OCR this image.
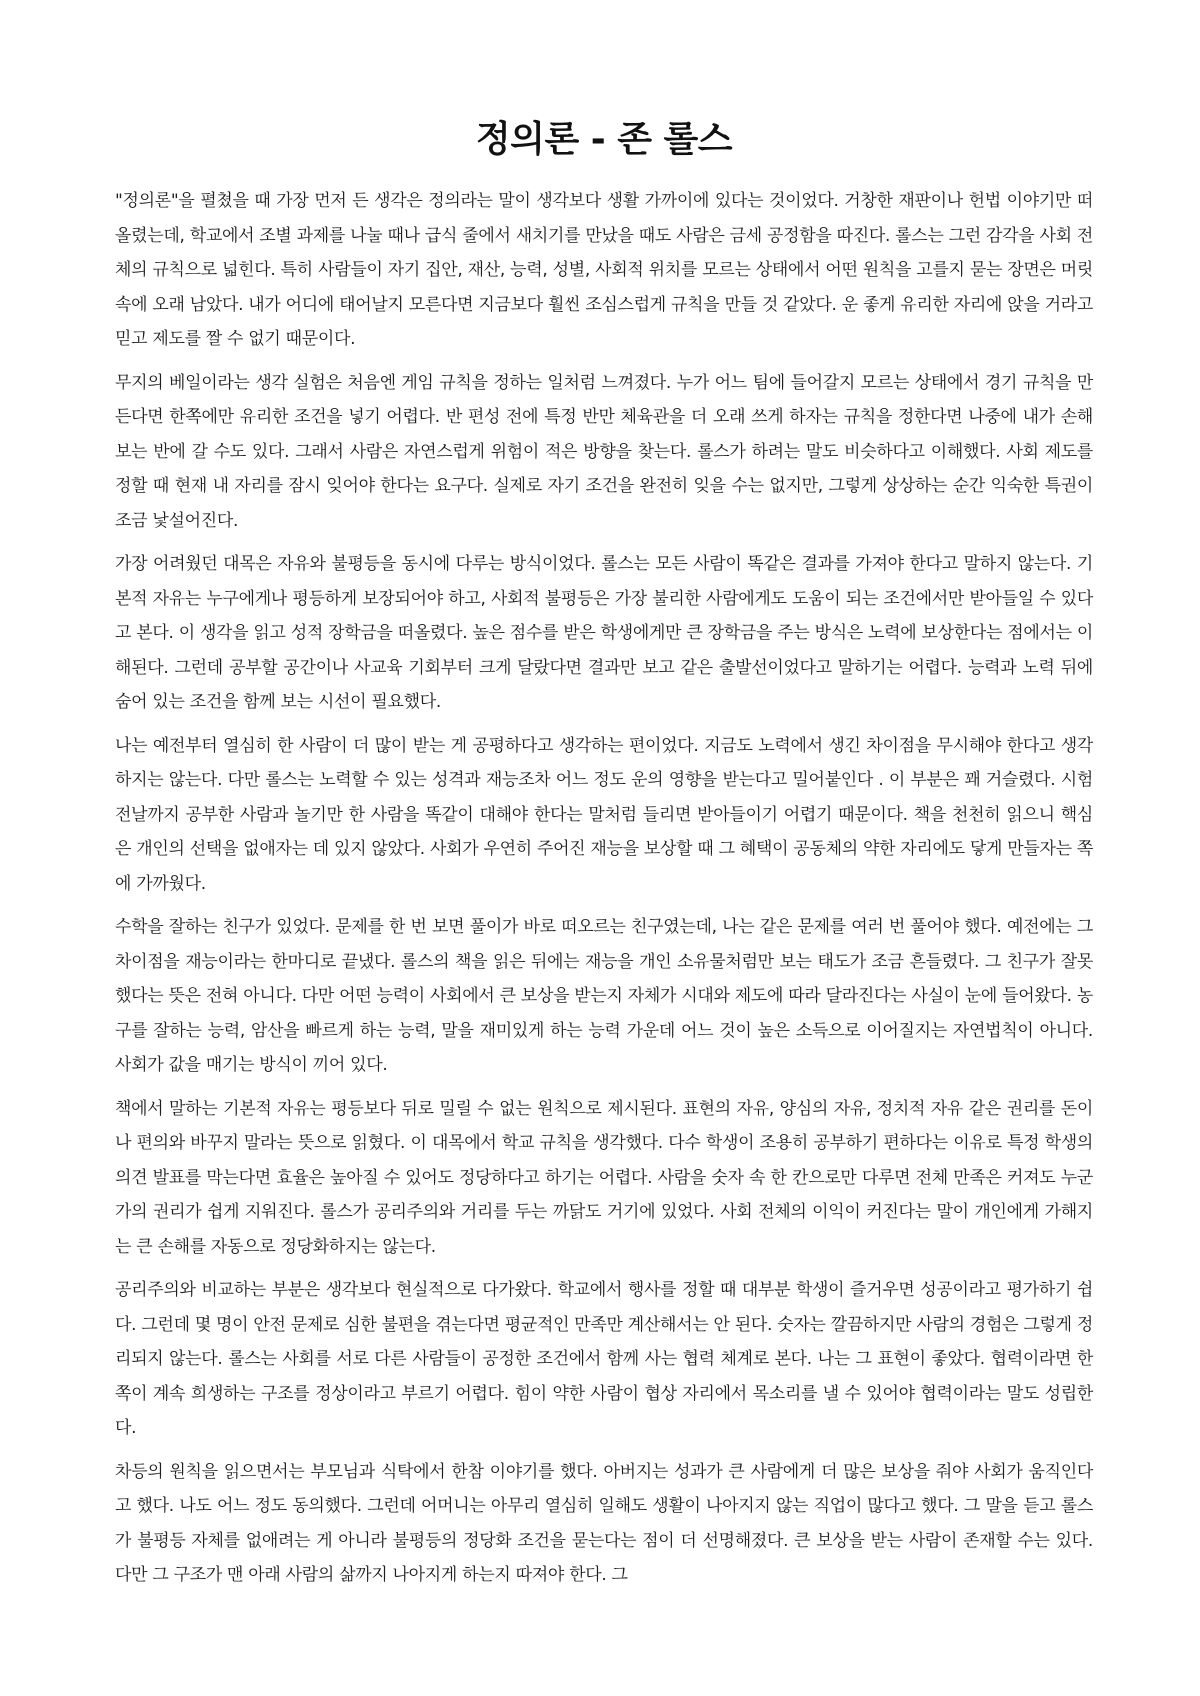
정의론 - 존 롤스

"정의론"을 펼쳤을 때 가장 먼저 든 생각은 정의라는 말이 생각보다 생활 가까이에 있다는 것이었다. 거창한 재판이나 헌법 이야기만 떠올렸는데, 학교에서 조별 과제를 나눌 때나 급식 줄에서 새치기를 만났을 때도 사람은 금세 공정함을 따진다. 롤스는 그런 감각을 사회 전체의 규칙으로 넓힌다. 특히 사람들이 자기 집안, 재산, 능력, 성별, 사회적 위치를 모르는 상태에서 어떤 원칙을 고를지 묻는 장면은 머릿속에 오래 남았다. 내가 어디에 태어날지 모른다면 지금보다 훨씬 조심스럽게 규칙을 만들 것 같았다. 운 좋게 유리한 자리에 앉을 거라고 믿고 제도를 짤 수 없기 때문이다.

무지의 베일이라는 생각 실험은 처음엔 게임 규칙을 정하는 일처럼 느껴졌다. 누가 어느 팀에 들어갈지 모르는 상태에서 경기 규칙을 만든다면 한쪽에만 유리한 조건을 넣기 어렵다. 반 편성 전에 특정 반만 체육관을 더 오래 쓰게 하자는 규칙을 정한다면 나중에 내가 손해 보는 반에 갈 수도 있다. 그래서 사람은 자연스럽게 위험이 적은 방향을 찾는다. 롤스가 하려는 말도 비슷하다고 이해했다. 사회 제도를 정할 때 현재 내 자리를 잠시 잊어야 한다는 요구다. 실제로 자기 조건을 완전히 잊을 수는 없지만, 그렇게 상상하는 순간 익숙한 특권이 조금 낯설어진다.

가장 어려웠던 대목은 자유와 불평등을 동시에 다루는 방식이었다. 롤스는 모든 사람이 똑같은 결과를 가져야 한다고 말하지 않는다. 기본적 자유는 누구에게나 평등하게 보장되어야 하고, 사회적 불평등은 가장 불리한 사람에게도 도움이 되는 조건에서만 받아들일 수 있다고 본다. 이 생각을 읽고 성적 장학금을 떠올렸다. 높은 점수를 받은 학생에게만 큰 장학금을 주는 방식은 노력에 보상한다는 점에서는 이해된다. 그런데 공부할 공간이나 사교육 기회부터 크게 달랐다면 결과만 보고 같은 출발선이었다고 말하기는 어렵다. 능력과 노력 뒤에 숨어 있는 조건을 함께 보는 시선이 필요했다.

나는 예전부터 열심히 한 사람이 더 많이 받는 게 공평하다고 생각하는 편이었다. 지금도 노력에서 생긴 차이점을 무시해야 한다고 생각하지는 않는다. 다만 롤스는 노력할 수 있는 성격과 재능조차 어느 정도 운의 영향을 받는다고 밀어붙인다 . 이 부분은 꽤 거슬렸다. 시험 전날까지 공부한 사람과 놀기만 한 사람을 똑같이 대해야 한다는 말처럼 들리면 받아들이기 어렵기 때문이다. 책을 천천히 읽으니 핵심은 개인의 선택을 없애자는 데 있지 않았다. 사회가 우연히 주어진 재능을 보상할 때 그 혜택이 공동체의 약한 자리에도 닿게 만들자는 쪽에 가까웠다.

수학을 잘하는 친구가 있었다. 문제를 한 번 보면 풀이가 바로 떠오르는 친구였는데, 나는 같은 문제를 여러 번 풀어야 했다. 예전에는 그 차이점을 재능이라는 한마디로 끝냈다. 롤스의 책을 읽은 뒤에는 재능을 개인 소유물처럼만 보는 태도가 조금 흔들렸다. 그 친구가 잘못했다는 뜻은 전혀 아니다. 다만 어떤 능력이 사회에서 큰 보상을 받는지 자체가 시대와 제도에 따라 달라진다는 사실이 눈에 들어왔다. 농구를 잘하는 능력, 암산을 빠르게 하는 능력, 말을 재미있게 하는 능력 가운데 어느 것이 높은 소득으로 이어질지는 자연법칙이 아니다. 사회가 값을 매기는 방식이 끼어 있다.

책에서 말하는 기본적 자유는 평등보다 뒤로 밀릴 수 없는 원칙으로 제시된다. 표현의 자유, 양심의 자유, 정치적 자유 같은 권리를 돈이나 편의와 바꾸지 말라는 뜻으로 읽혔다. 이 대목에서 학교 규칙을 생각했다. 다수 학생이 조용히 공부하기 편하다는 이유로 특정 학생의 의견 발표를 막는다면 효율은 높아질 수 있어도 정당하다고 하기는 어렵다. 사람을 숫자 속 한 칸으로만 다루면 전체 만족은 커져도 누군가의 권리가 쉽게 지워진다. 롤스가 공리주의와 거리를 두는 까닭도 거기에 있었다. 사회 전체의 이익이 커진다는 말이 개인에게 가해지는 큰 손해를 자동으로 정당화하지는 않는다.

공리주의와 비교하는 부분은 생각보다 현실적으로 다가왔다. 학교에서 행사를 정할 때 대부분 학생이 즐거우면 성공이라고 평가하기 쉽다. 그런데 몇 명이 안전 문제로 심한 불편을 겪는다면 평균적인 만족만 계산해서는 안 된다. 숫자는 깔끔하지만 사람의 경험은 그렇게 정리되지 않는다. 롤스는 사회를 서로 다른 사람들이 공정한 조건에서 함께 사는 협력 체계로 본다. 나는 그 표현이 좋았다. 협력이라면 한쪽이 계속 희생하는 구조를 정상이라고 부르기 어렵다. 힘이 약한 사람이 협상 자리에서 목소리를 낼 수 있어야 협력이라는 말도 성립한다.

차등의 원칙을 읽으면서는 부모님과 식탁에서 한참 이야기를 했다. 아버지는 성과가 큰 사람에게 더 많은 보상을 줘야 사회가 움직인다고 했다. 나도 어느 정도 동의했다. 그런데 어머니는 아무리 열심히 일해도 생활이 나아지지 않는 직업이 많다고 했다. 그 말을 듣고 롤스가 불평등 자체를 없애려는 게 아니라 불평등의 정당화 조건을 묻는다는 점이 더 선명해졌다. 큰 보상을 받는 사람이 존재할 수는 있다. 다만 그 구조가 맨 아래 사람의 삶까지 나아지게 하는지 따져야 한다. 그
